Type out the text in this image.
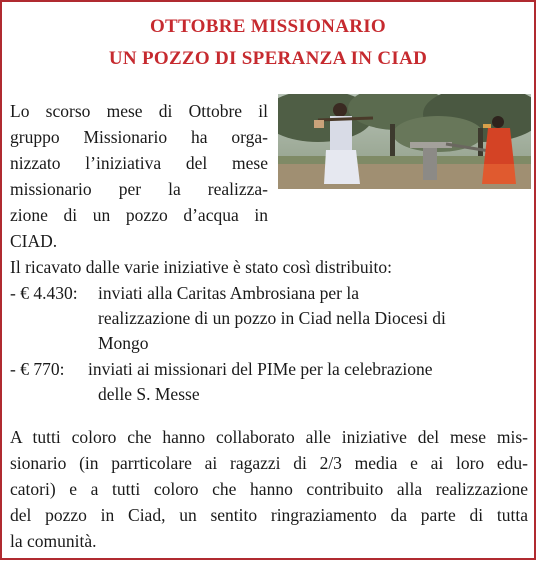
OTTOBRE MISSIONARIO
UN POZZO DI SPERANZA IN CIAD
Lo scorso mese di Ottobre il
gruppo Missionario ha orga-
nizzato l’iniziativa del mese
missionario per la realizza-
zione di un pozzo d’acqua in
CIAD.
Il ricavato dalle varie iniziative è stato così distribuito:
- € 4.430: inviati alla Caritas Ambrosiana per la
realizzazione di un pozzo in Ciad nella Diocesi di
Mongo
- € 770: inviati ai missionari del PIMe per la celebrazione
delle S. Messe
A tutti coloro che hanno collaborato alle iniziative del mese mis-
sionario (in parrticolare ai ragazzi di 2/3 media e ai loro edu-
catori) e a tutti coloro che hanno contribuito alla realizzazione
del pozzo in Ciad, un sentito ringraziamento da parte di tutta
la comunità.
